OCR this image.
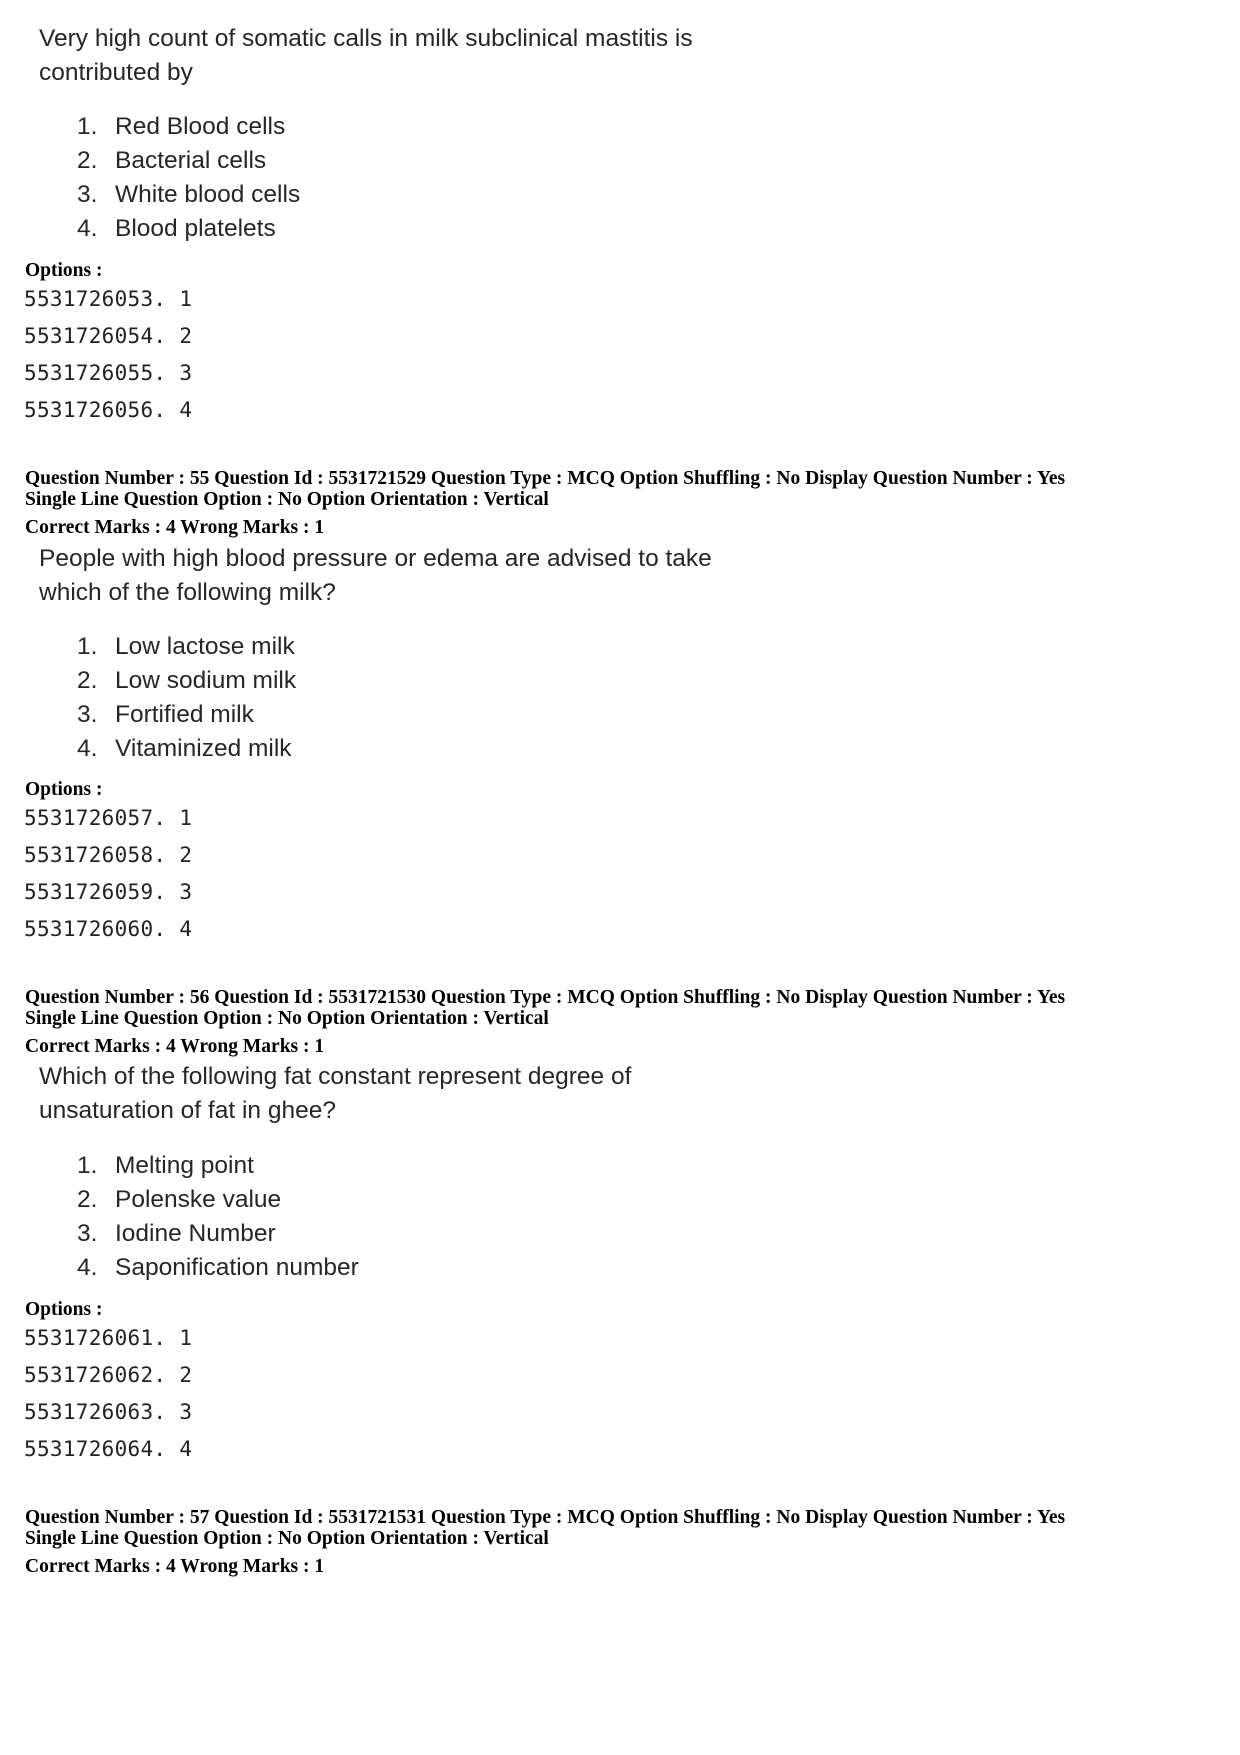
Very high count of somatic calls in milk subclinical mastitis is
contributed by
1. Red Blood cells
2. Bacterial cells
3. White blood cells
4. Blood platelets
Options :
5531726053. 1
5531726054. 2
5531726055. 3
5531726056. 4
Question Number : 55 Question Id : 5531721529 Question Type : MCQ Option Shuffling : No Display Question Number : Yes
Single Line Question Option : No Option Orientation : Vertical
Correct Marks : 4 Wrong Marks : 1
People with high blood pressure or edema are advised to take
which of the following milk?
1. Low lactose milk
2. Low sodium milk
3. Fortified milk
4. Vitaminized milk
Options :
5531726057. 1
5531726058. 2
5531726059. 3
5531726060. 4
Question Number : 56 Question Id : 5531721530 Question Type : MCQ Option Shuffling : No Display Question Number : Yes
Single Line Question Option : No Option Orientation : Vertical
Correct Marks : 4 Wrong Marks : 1
Which of the following fat constant represent degree of
unsaturation of fat in ghee?
1. Melting point
2. Polenske value
3. Iodine Number
4. Saponification number
Options :
5531726061. 1
5531726062. 2
5531726063. 3
5531726064. 4
Question Number : 57 Question Id : 5531721531 Question Type : MCQ Option Shuffling : No Display Question Number : Yes
Single Line Question Option : No Option Orientation : Vertical
Correct Marks : 4 Wrong Marks : 1
